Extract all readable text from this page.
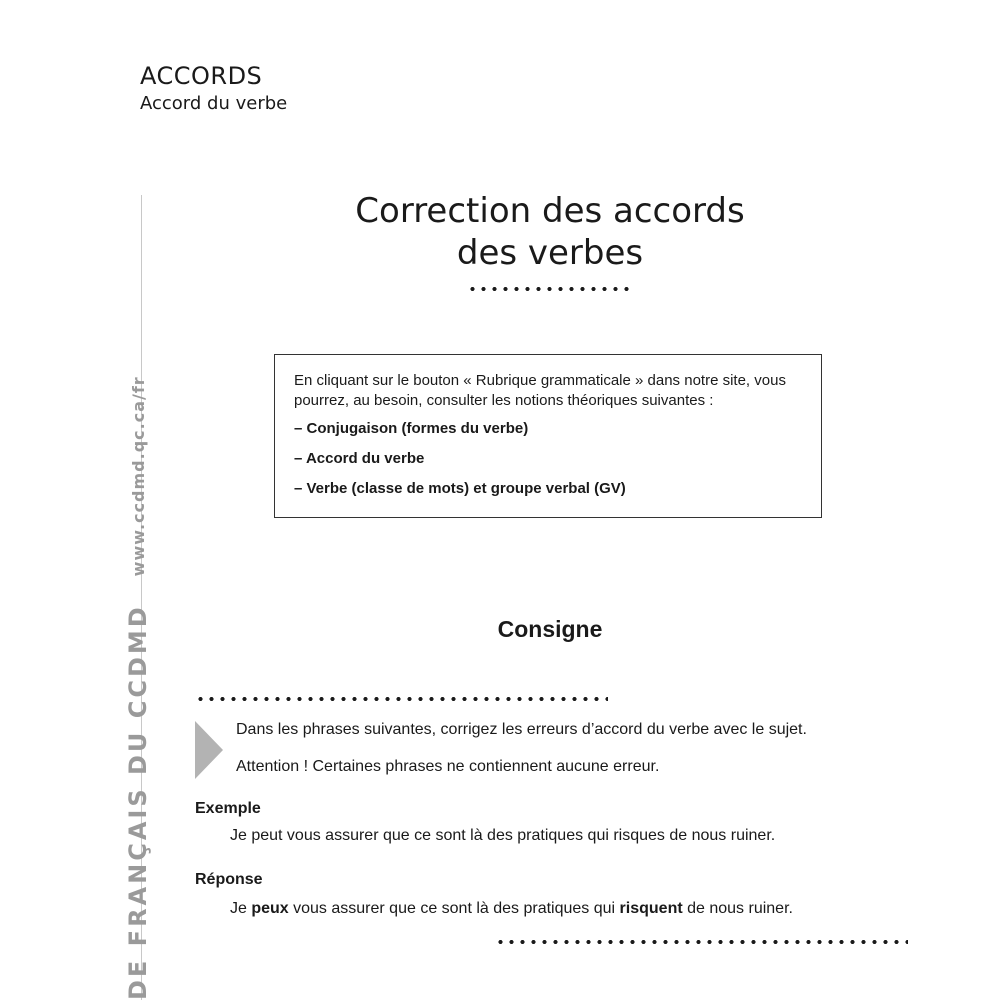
ACCORDS
Accord du verbe
DE FRANÇAIS DU CCDMD
www.ccdmd.qc.ca/fr
Correction des accords
des verbes
En cliquant sur le bouton « Rubrique grammaticale » dans notre site, vous pourrez, au besoin, consulter les notions théoriques suivantes :
– Conjugaison (formes du verbe)
– Accord du verbe
– Verbe (classe de mots) et groupe verbal (GV)
Consigne
Dans les phrases suivantes, corrigez les erreurs d’accord du verbe avec le sujet.
Attention ! Certaines phrases ne contiennent aucune erreur.
Exemple
Je peut vous assurer que ce sont là des pratiques qui risques de nous ruiner.
Réponse
Je peux vous assurer que ce sont là des pratiques qui risquent de nous ruiner.
